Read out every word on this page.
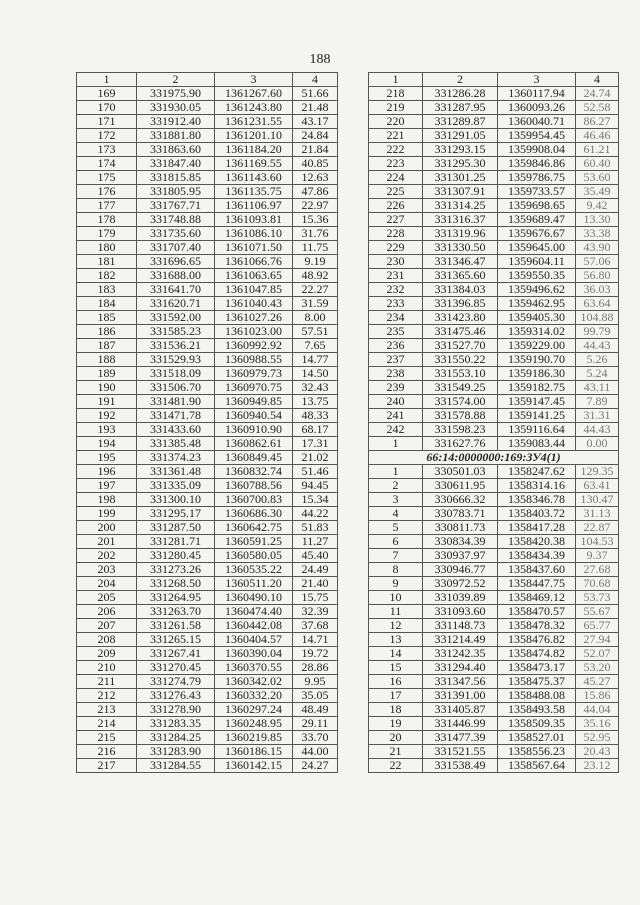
188
1	2	3	4
169	331975.90	1361267.60	51.66
170	331930.05	1361243.80	21.48
171	331912.40	1361231.55	43.17
172	331881.80	1361201.10	24.84
173	331863.60	1361184.20	21.84
174	331847.40	1361169.55	40.85
175	331815.85	1361143.60	12.63
176	331805.95	1361135.75	47.86
177	331767.71	1361106.97	22.97
178	331748.88	1361093.81	15.36
179	331735.60	1361086.10	31.76
180	331707.40	1361071.50	11.75
181	331696.65	1361066.76	9.19
182	331688.00	1361063.65	48.92
183	331641.70	1361047.85	22.27
184	331620.71	1361040.43	31.59
185	331592.00	1361027.26	8.00
186	331585.23	1361023.00	57.51
187	331536.21	1360992.92	7.65
188	331529.93	1360988.55	14.77
189	331518.09	1360979.73	14.50
190	331506.70	1360970.75	32.43
191	331481.90	1360949.85	13.75
192	331471.78	1360940.54	48.33
193	331433.60	1360910.90	68.17
194	331385.48	1360862.61	17.31
195	331374.23	1360849.45	21.02
196	331361.48	1360832.74	51.46
197	331335.09	1360788.56	94.45
198	331300.10	1360700.83	15.34
199	331295.17	1360686.30	44.22
200	331287.50	1360642.75	51.83
201	331281.71	1360591.25	11.27
202	331280.45	1360580.05	45.40
203	331273.26	1360535.22	24.49
204	331268.50	1360511.20	21.40
205	331264.95	1360490.10	15.75
206	331263.70	1360474.40	32.39
207	331261.58	1360442.08	37.68
208	331265.15	1360404.57	14.71
209	331267.41	1360390.04	19.72
210	331270.45	1360370.55	28.86
211	331274.79	1360342.02	9.95
212	331276.43	1360332.20	35.05
213	331278.90	1360297.24	48.49
214	331283.35	1360248.95	29.11
215	331284.25	1360219.85	33.70
216	331283.90	1360186.15	44.00
217	331284.55	1360142.15	24.27
1	2	3	4
218	331286.28	1360117.94	24.74
219	331287.95	1360093.26	52.58
220	331289.87	1360040.71	86.27
221	331291.05	1359954.45	46.46
222	331293.15	1359908.04	61.21
223	331295.30	1359846.86	60.40
224	331301.25	1359786.75	53.60
225	331307.91	1359733.57	35.49
226	331314.25	1359698.65	9.42
227	331316.37	1359689.47	13.30
228	331319.96	1359676.67	33.38
229	331330.50	1359645.00	43.90
230	331346.47	1359604.11	57.06
231	331365.60	1359550.35	56.80
232	331384.03	1359496.62	36.03
233	331396.85	1359462.95	63.64
234	331423.80	1359405.30	104.88
235	331475.46	1359314.02	99.79
236	331527.70	1359229.00	44.43
237	331550.22	1359190.70	5.26
238	331553.10	1359186.30	5.24
239	331549.25	1359182.75	43.11
240	331574.00	1359147.45	7.89
241	331578.88	1359141.25	31.31
242	331598.23	1359116.64	44.43
1	331627.76	1359083.44	0.00
66:14:0000000:169:ЗУ4(1)			
1	330501.03	1358247.62	129.35
2	330611.95	1358314.16	63.41
3	330666.32	1358346.78	130.47
4	330783.71	1358403.72	31.13
5	330811.73	1358417.28	22.87
6	330834.39	1358420.38	104.53
7	330937.97	1358434.39	9.37
8	330946.77	1358437.60	27.68
9	330972.52	1358447.75	70.68
10	331039.89	1358469.12	53.73
11	331093.60	1358470.57	55.67
12	331148.73	1358478.32	65.77
13	331214.49	1358476.82	27.94
14	331242.35	1358474.82	52.07
15	331294.40	1358473.17	53.20
16	331347.56	1358475.37	45.27
17	331391.00	1358488.08	15.86
18	331405.87	1358493.58	44.04
19	331446.99	1358509.35	35.16
20	331477.39	1358527.01	52.95
21	331521.55	1358556.23	20.43
22	331538.49	1358567.64	23.12
